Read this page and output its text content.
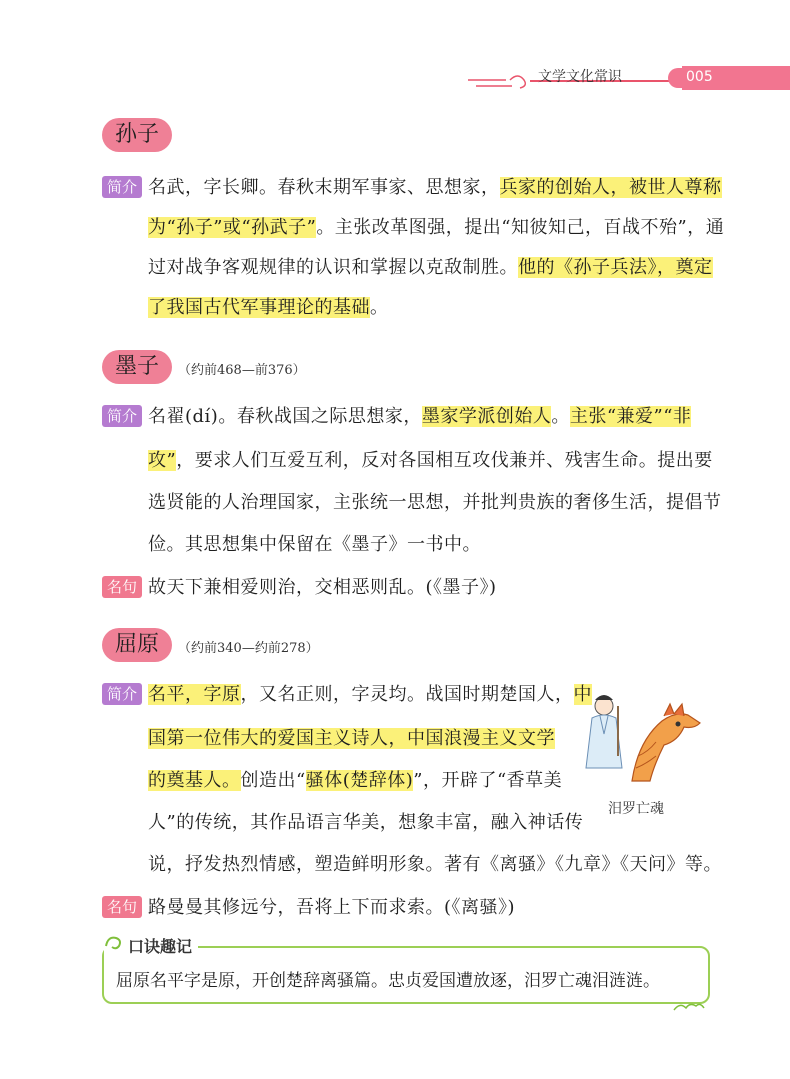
文学文化常识	005
孙子
简介 名武，字长卿。春秋末期军事家、思想家，兵家的创始人，被世人尊称
为“孙子”或“孙武子”。主张改革图强，提出“知彼知己，百战不殆”，通
过对战争客观规律的认识和掌握以克敌制胜。他的《孙子兵法》，奠定
了我国古代军事理论的基础。
墨子	（约前468—前376）
简介 名翟(dí)。春秋战国之际思想家，墨家学派创始人。主张“兼爱”“非
攻”，要求人们互爱互利，反对各国相互攻伐兼并、残害生命。提出要
选贤能的人治理国家，主张统一思想，并批判贵族的奢侈生活，提倡节
俭。其思想集中保留在《墨子》一书中。
名句 故天下兼相爱则治，交相恶则乱。(《墨子》)
屈原	（约前340—约前278）
简介 名平，字原，又名正则，字灵均。战国时期楚国人，中
国第一位伟大的爱国主义诗人，中国浪漫主义文学
的奠基人。创造出“骚体(楚辞体)”，开辟了“香草美
人”的传统，其作品语言华美，想象丰富，融入神话传
说，抒发热烈情感，塑造鲜明形象。著有《离骚》《九章》《天问》等。
汨罗亡魂
名句 路曼曼其修远兮，吾将上下而求索。(《离骚》)
口诀趣记
屈原名平字是原，开创楚辞离骚篇。忠贞爱国遭放逐，汨罗亡魂泪涟涟。
